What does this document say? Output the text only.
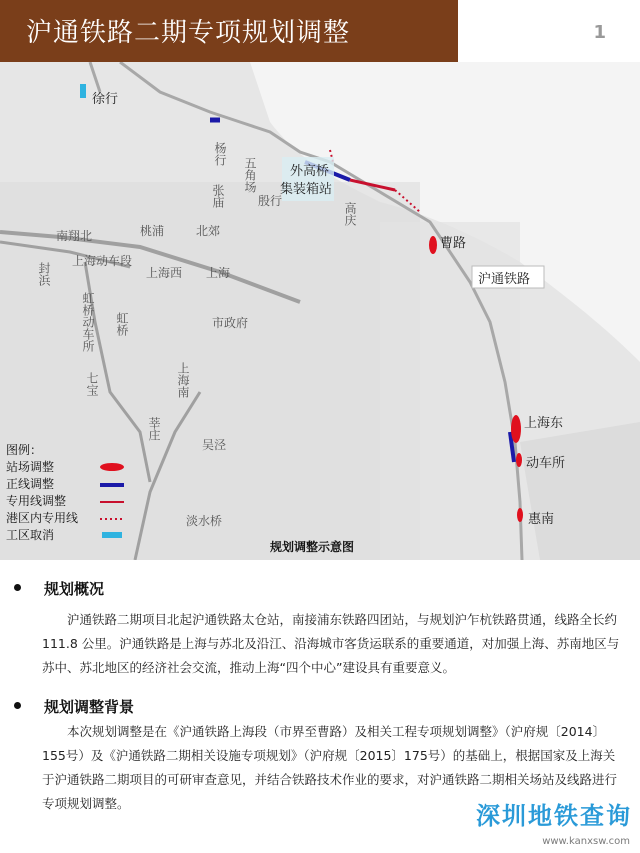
沪通铁路二期专项规划调整	1
徐行
杨行
张庙
五角场
殷行
外高桥
集装箱站
高庆
曹路
沪通铁路
南翔北	桃浦	北郊
上海动车段
封浜
虹桥动车所 虹桥
上海西 上海
市政府
七宝	上海南
莘庄
吴泾
淡水桥
上海东
动车所
惠南
图例：
站场调整
正线调整
专用线调整
港区内专用线
工区取消
规划调整示意图
规划概况
沪通铁路二期项目北起沪通铁路太仓站，南接浦东铁路四团站，与规划沪乍杭铁路贯通，线路全长约111.8 公里。沪通铁路是上海与苏北及沿江、沿海城市客货运联系的重要通道，对加强上海、苏南地区与苏中、苏北地区的经济社会交流，推动上海“四个中心”建设具有重要意义。
规划调整背景
本次规划调整是在《沪通铁路上海段（市界至曹路）及相关工程专项规划调整》（沪府规〔2014〕155号）及《沪通铁路二期相关设施专项规划》（沪府规〔2015〕175号）的基础上，根据国家及上海关于沪通铁路二期项目的可研审查意见，并结合铁路技术作业的要求，对沪通铁路二期相关场站及线路进行专项规划调整。	深圳地铁查询
www.kanxsw.com
